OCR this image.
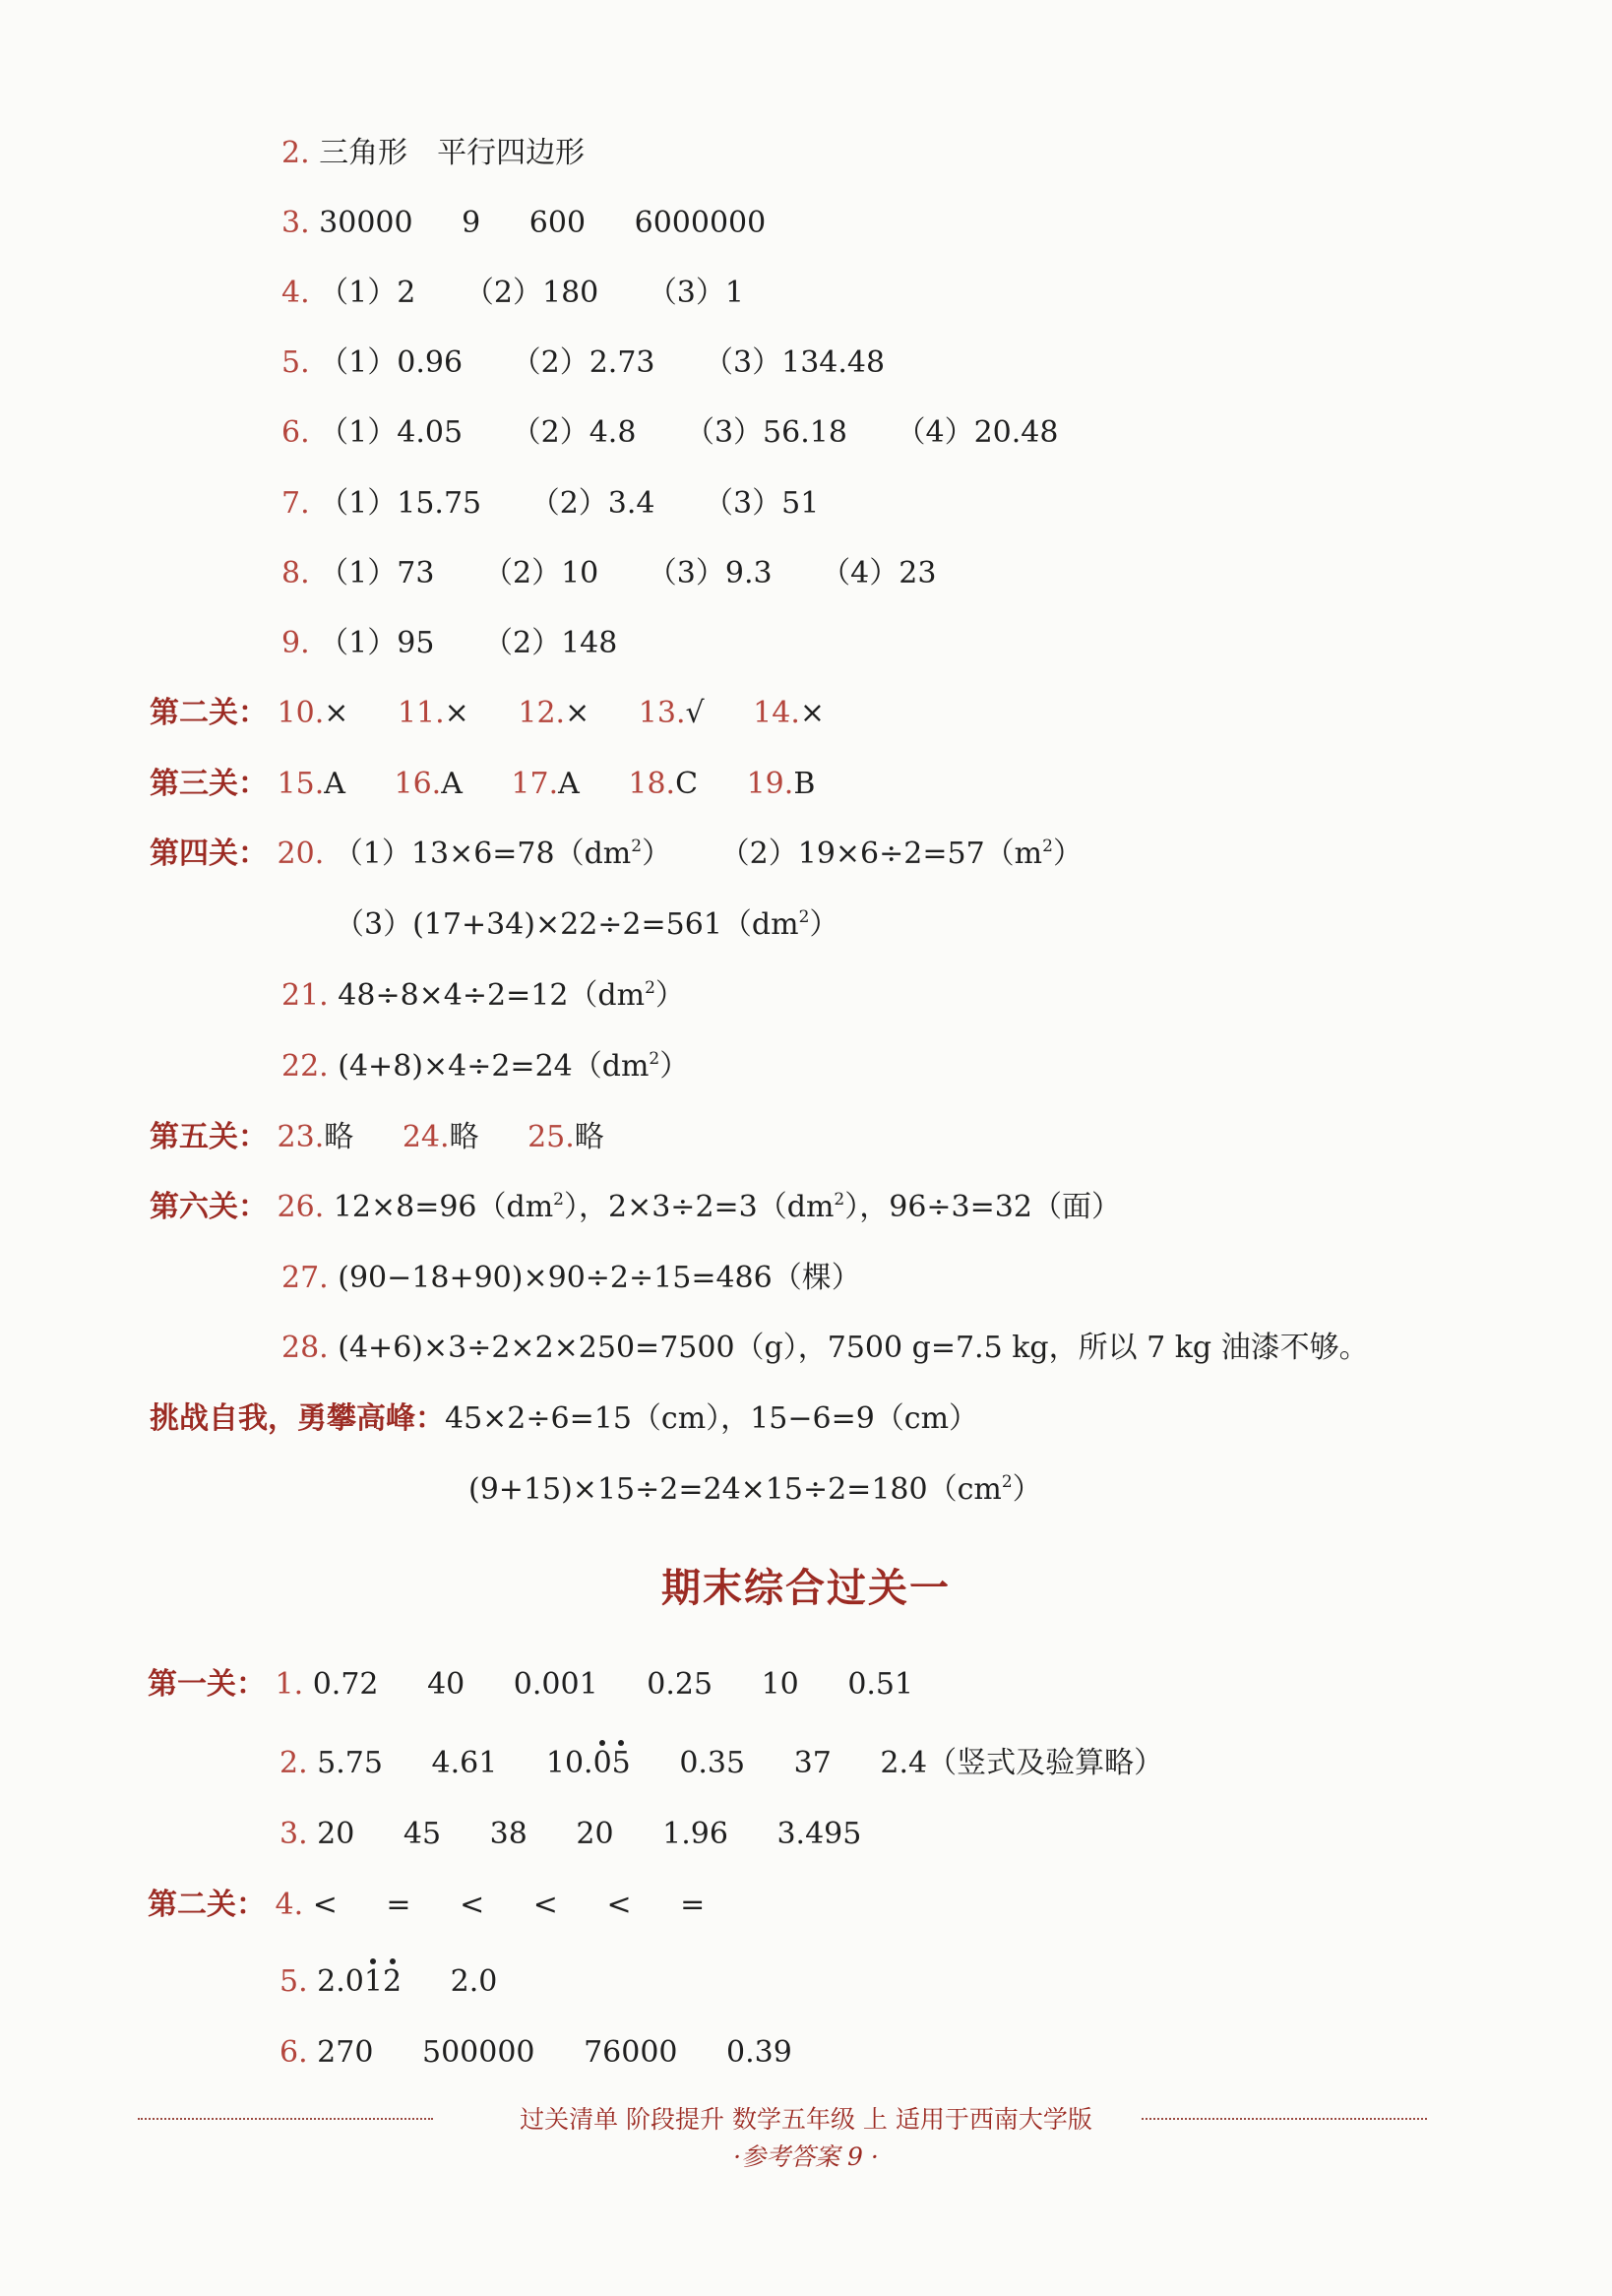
2. 三角形　平行四边形
3. 30000 9 600 6000000
4. （1）2 （2）180 （3）1
5. （1）0.96 （2）2.73 （3）134.48
6. （1）4.05 （2）4.8 （3）56.18 （4）20.48
7. （1）15.75 （2）3.4 （3）51
8. （1）73 （2）10 （3）9.3 （4）23
9. （1）95 （2）148
第二关： 10.× 11.× 12.× 13.√ 14.×
第三关： 15.A 16.A 17.A 18.C 19.B
第四关： 20. $(1)13\times 6=78(dm^2)$ $(2)19\times 6\div 2=57(m^2)$
$(3)(17+34)\times 22\div 2=561(dm^2)$
21. $48\div 8\times 4\div 2=12(dm^2)$
22. $(4+8)\times 4\div 2=24(dm^2)$
第五关： 23.略 24.略 25.略
第六关： 26. $12\times 8=96(dm^2)$，$2\times 3\div 2=3(dm^2)$，96÷3=32（面）
27. (90−18+90)×90÷2÷15=486（棵）
28. (4+6)×3÷2×2×250=7500（g），7500 g=7.5 kg，所以 7 kg 油漆不够。
挑战自我，勇攀高峰：45×2÷6=15（cm），15−6=9（cm）
$(9+15)\times 15\div 2=24\times 15\div 2=180(cm^2)$
期末综合过关一
第一关： 1. 0.72 40 0.001 0.25 10 0.51
2. 5.75 4.61 10.05 0.35 37 2.4（竖式及验算略）
3. 20 45 38 20 1.96 3.495
第二关： 4. < = < < < =
5. 2.012 2.0
6. 270 500000 76000 0.39
过关清单 阶段提升 数学五年级 上 适用于西南大学版
·参考答案 9 ·
